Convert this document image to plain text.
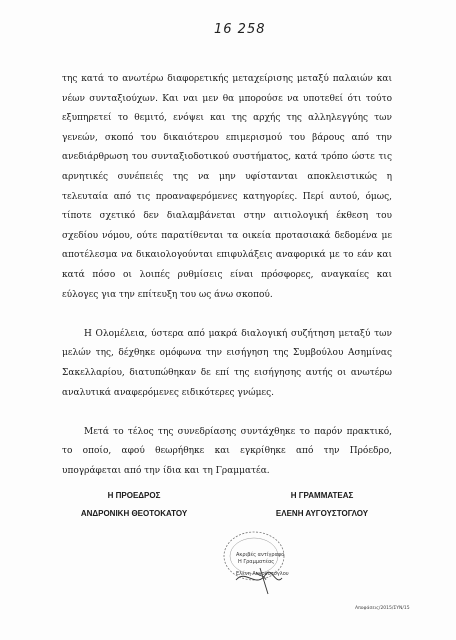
16 258

της κατά το ανωτέρω διαφορετικής μεταχείρισης μεταξύ παλαιών και νέων συνταξιούχων. Και ναι μεν θα μπορούσε να υποτεθεί ότι τούτο εξυπηρετεί το θεμιτό, ενόψει και της αρχής της αλληλεγγύης των γενεών, σκοπό του δικαιότερου επιμερισμού του βάρους από την ανεδιάρθρωση του συνταξιοδοτικού συστήματος, κατά τρόπο ώστε τις αρνητικές συνέπειές της να μην υφίστανται αποκλειστικώς η τελευταία από τις προαναφερόμενες κατηγορίες. Περί αυτού, όμως, τίποτε σχετικό δεν διαλαμβάνεται στην αιτιολογική έκθεση του σχεδίου νόμου, ούτε παρατίθενται τα οικεία προτασιακά δεδομένα με αποτέλεσμα να δικαιολογούνται επιφυλάξεις αναφορικά με το εάν και κατά πόσο οι λοιπές ρυθμίσεις είναι πρόσφορες, αναγκαίες και εύλογες για την επίτευξη του ως άνω σκοπού.

Η Ολομέλεια, ύστερα από μακρά διαλογική συζήτηση μεταξύ των μελών της, δέχθηκε ομόφωνα την εισήγηση της Συμβούλου Ασημίνας Σακελλαρίου, διατυπώθηκαν δε επί της εισήγησης αυτής οι ανωτέρω αναλυτικά αναφερόμενες ειδικότερες γνώμες.

Μετά το τέλος της συνεδρίασης συντάχθηκε το παρόν πρακτικό, το οποίο, αφού θεωρήθηκε και εγκρίθηκε από την Πρόεδρο, υπογράφεται από την ίδια και τη Γραμματέα.

Η ΠΡΟΕΔΡΟΣ
ΑΝΔΡΟΝΙΚΗ ΘΕΟΤΟΚΑΤΟΥ
Η ΓΡΑΜΜΑΤΕΑΣ
ΕΛΕΝΗ ΑΥΓΟΥΣΤΟΓΛΟΥ
Ακριβές αντίγραφο
Η Γραμματέας
Ελένη Αυγουστόγλου
Αποφάσεις/2015/ΣΥΝ/15
